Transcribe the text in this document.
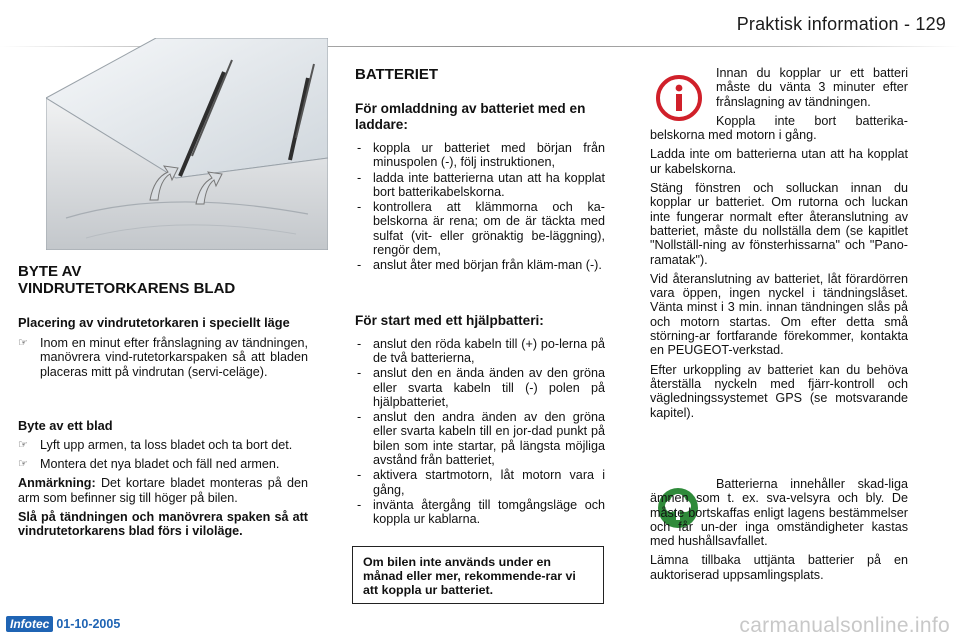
Praktisk information - 129
BYTE AV
VINDRUTETORKARENS BLAD
Placering av vindrutetorkaren i speciellt läge
☞ Inom en minut efter frånslagning av tändningen, manövrera vind-rutetorkarspaken så att bladen placeras mitt på vindrutan (servi-celäge).
Byte av ett blad
☞ Lyft upp armen, ta loss bladet och ta bort det.
☞ Montera det nya bladet och fäll ned armen.

Anmärkning: Det kortare bladet monteras på den arm som befinner sig till höger på bilen.

Slå på tändningen och manövrera spaken så att vindrutetorkarens blad förs i viloläge.

BATTERIET
För omladdning av batteriet med en laddare:
- koppla ur batteriet med början från minuspolen (-), följ instruktionen,
- ladda inte batterierna utan att ha kopplat bort batterikabelskorna.
- kontrollera att klämmorna och ka-belskorna är rena; om de är täckta med sulfat (vit- eller grönaktig be-läggning), rengör dem,
- anslut åter med början från kläm-man (-).
För start med ett hjälpbatteri:
- anslut den röda kabeln till (+) po-lerna på de två batterierna,
- anslut den en ända änden av den gröna eller svarta kabeln till (-) polen på hjälpbatteriet,
- anslut den andra änden av den gröna eller svarta kabeln till en jor-dad punkt på bilen som inte startar, på längsta möjliga avstånd från batteriet,
- aktivera startmotorn, låt motorn vara i gång,
- invänta återgång till tomgångsläge och koppla ur kablarna.
Om bilen inte används under en månad eller mer, rekommende-rar vi att koppla ur batteriet.

Innan du kopplar ur ett batteri måste du vänta 3 minuter efter frånslagning av tändningen.

Koppla inte bort batterika-belskorna med motorn i gång.

Ladda inte om batterierna utan att ha kopplat ur kabelskorna.

Stäng fönstren och solluckan innan du kopplar ur batteriet. Om rutorna och luckan inte fungerar normalt efter återanslutning av batteriet, måste du nollställa dem (se kapitlet "Nollställ-ning av fönsterhissarna" och "Pano-ramatak").

Vid återanslutning av batteriet, låt förardörren vara öppen, ingen nyckel i tändningslåset. Vänta minst i 3 min. innan tändningen slås på och motorn startas. Om efter detta små störning-ar fortfarande förekommer, kontakta en PEUGEOT-verkstad.

Efter urkoppling av batteriet kan du behöva återställa nyckeln med fjärr-kontroll och vägledningssystemet GPS (se motsvarande kapitel).

Batterierna innehåller skad-liga ämnen som t. ex. sva-velsyra och bly. De måste bortskaffas enligt lagens bestämmelser och får un-der inga omständigheter kastas med hushållsavfallet.

Lämna tillbaka uttjänta batterier på en auktoriserad uppsamlingsplats.

Infotec 01-10-2005	carmanualsonline.info
